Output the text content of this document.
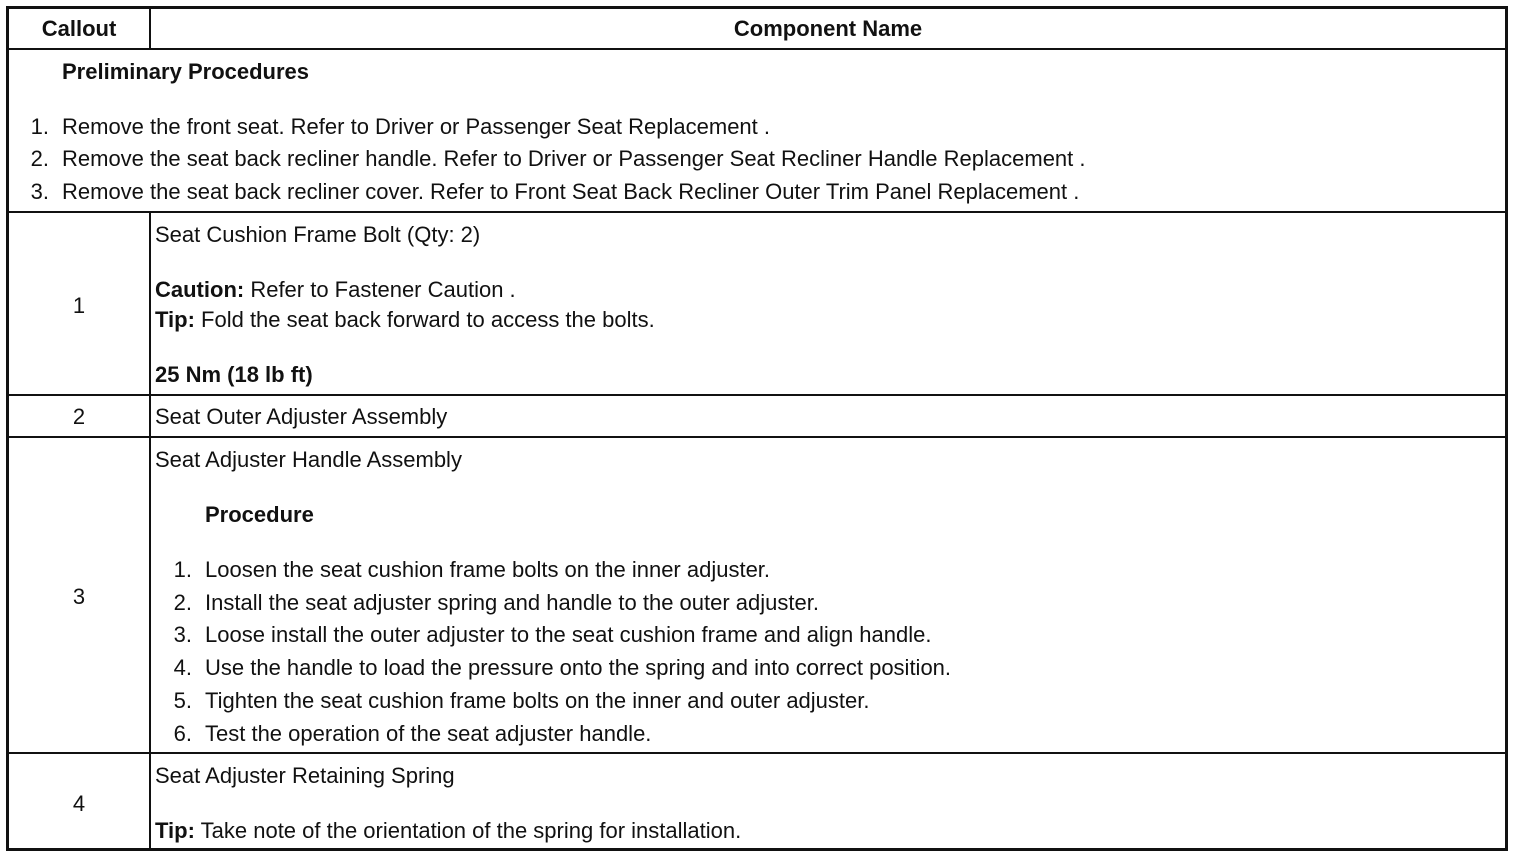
Callout	Component Name
Preliminary Procedures
1. Remove the front seat. Refer to Driver or Passenger Seat Replacement .
2. Remove the seat back recliner handle. Refer to Driver or Passenger Seat Recliner Handle Replacement .
3. Remove the seat back recliner cover. Refer to Front Seat Back Recliner Outer Trim Panel Replacement .
1
Seat Cushion Frame Bolt (Qty: 2)
Caution: Refer to Fastener Caution .
Tip: Fold the seat back forward to access the bolts.
25 Nm (18 lb ft)
2	Seat Outer Adjuster Assembly
3
Seat Adjuster Handle Assembly
Procedure
1. Loosen the seat cushion frame bolts on the inner adjuster.
2. Install the seat adjuster spring and handle to the outer adjuster.
3. Loose install the outer adjuster to the seat cushion frame and align handle.
4. Use the handle to load the pressure onto the spring and into correct position.
5. Tighten the seat cushion frame bolts on the inner and outer adjuster.
6. Test the operation of the seat adjuster handle.
4
Seat Adjuster Retaining Spring
Tip: Take note of the orientation of the spring for installation.
